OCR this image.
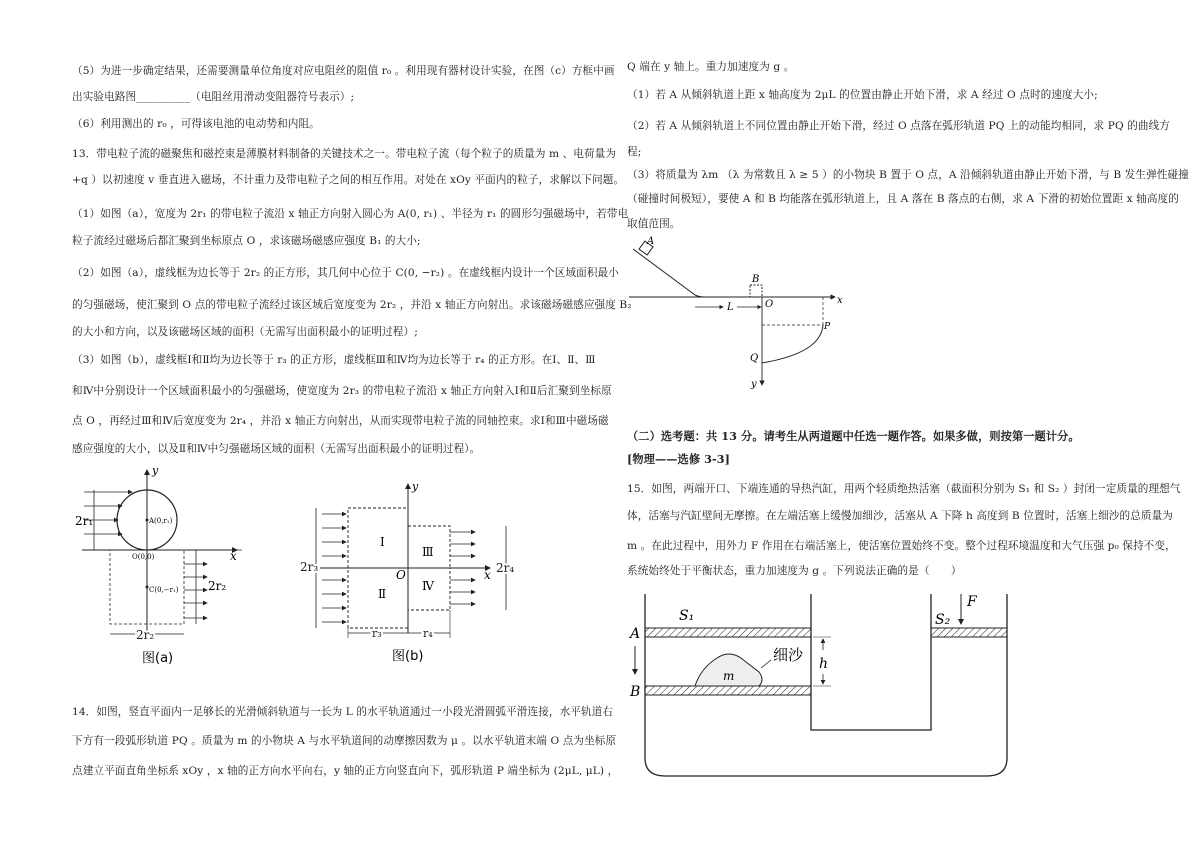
（5）为进一步确定结果，还需要测量单位角度对应电阻丝的阻值 r₀ 。利用现有器材设计实验，在图（c）方框中画
出实验电路图__________（电阻丝用滑动变阻器符号表示）;
（6）利用测出的 r₀ ，可得该电池的电动势和内阻。
13．带电粒子流的磁聚焦和磁控束是薄膜材料制备的关键技术之一。带电粒子流（每个粒子的质量为 m 、电荷量为
+q ）以初速度 v 垂直进入磁场，不计重力及带电粒子之间的相互作用。对处在 xOy 平面内的粒子，求解以下问题。
（1）如图（a），宽度为 2r₁ 的带电粒子流沿 x 轴正方向射入圆心为 A(0, r₁) 、半径为 r₁ 的圆形匀强磁场中，若带电
粒子流经过磁场后都汇聚到坐标原点 O ，求该磁场磁感应强度 B₁ 的大小;
（2）如图（a），虚线框为边长等于 2r₂ 的正方形，其几何中心位于 C(0, −r₂) 。在虚线框内设计一个区域面积最小
的匀强磁场，使汇聚到 O 点的带电粒子流经过该区域后宽度变为 2r₂ ，并沿 x 轴正方向射出。求该磁场磁感应强度 B₂
的大小和方向，以及该磁场区域的面积（无需写出面积最小的证明过程）;
（3）如图（b），虚线框Ⅰ和Ⅱ均为边长等于 r₃ 的正方形，虚线框Ⅲ和Ⅳ均为边长等于 r₄ 的正方形。在Ⅰ、Ⅱ、Ⅲ
和Ⅳ中分别设计一个区域面积最小的匀强磁场，使宽度为 2r₃ 的带电粒子流沿 x 轴正方向射入Ⅰ和Ⅱ后汇聚到坐标原
点 O ，再经过Ⅲ和Ⅳ后宽度变为 2r₄ ，并沿 x 轴正方向射出，从而实现带电粒子流的同轴控束。求Ⅰ和Ⅲ中磁场磁
感应强度的大小，以及Ⅱ和Ⅳ中匀强磁场区域的面积（无需写出面积最小的证明过程）。
14．如图，竖直平面内一足够长的光滑倾斜轨道与一长为 L 的水平轨道通过一小段光滑圆弧平滑连接，水平轨道右
下方有一段弧形轨道 PQ 。质量为 m 的小物块 A 与水平轨道间的动摩擦因数为 μ 。以水平轨道末端 O 点为坐标原
点建立平面直角坐标系 xOy ，x 轴的正方向水平向右，y 轴的正方向竖直向下，弧形轨道 P 端坐标为 (2μL, μL) ，
y
x
A(0,r₁)
2r₁
O(0,0)
C(0,−r₁) 2r₂
2r₂
图(a)
y
x
O
Ⅰ
Ⅱ
Ⅲ
Ⅳ
2r₃	2r₄
r₃	r₄
图(b)
Q 端在 y 轴上。重力加速度为 g 。
（1）若 A 从倾斜轨道上距 x 轴高度为 2μL 的位置由静止开始下滑，求 A 经过 O 点时的速度大小;
（2）若 A 从倾斜轨道上不同位置由静止开始下滑，经过 O 点落在弧形轨道 PQ 上的动能均相同，求 PQ 的曲线方
程;
（3）将质量为 λm （λ 为常数且 λ ≥ 5 ）的小物块 B 置于 O 点，A 沿倾斜轨道由静止开始下滑，与 B 发生弹性碰撞
（碰撞时间极短），要使 A 和 B 均能落在弧形轨道上，且 A 落在 B 落点的右侧，求 A 下滑的初始位置距 x 轴高度的
取值范围。
（二）选考题：共 13 分。请考生从两道题中任选一题作答。如果多做，则按第一题计分。
[物理——选修 3-3]
15．如图，两端开口、下端连通的导热汽缸，用两个轻质绝热活塞（截面积分别为 S₁ 和 S₂ ）封闭一定质量的理想气
体，活塞与汽缸壁间无摩擦。在左端活塞上缓慢加细沙，活塞从 A 下降 h 高度到 B 位置时，活塞上细沙的总质量为
m 。在此过程中，用外力 F 作用在右端活塞上，使活塞位置始终不变。整个过程环境温度和大气压强 p₀ 保持不变，
系统始终处于平衡状态，重力加速度为 g 。下列说法正确的是（　　）
A
x
B
O
y
L
P
Q
m
细沙
S₁	S₂
A
B
h
F
